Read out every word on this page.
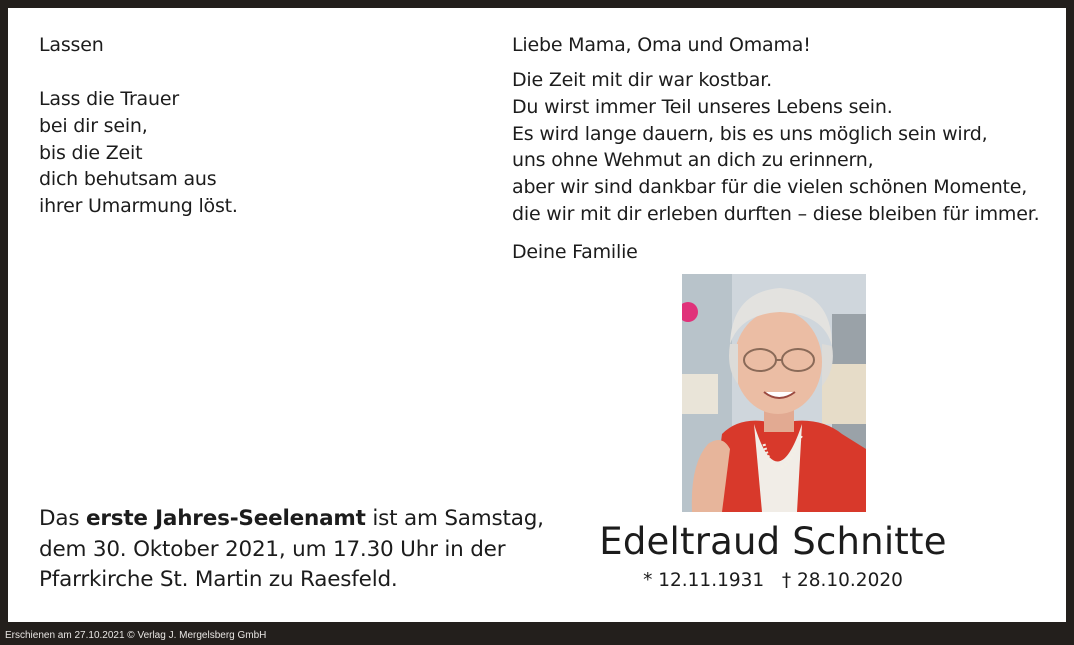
Lassen
Lass die Trauer
bei dir sein,
bis die Zeit
dich behutsam aus
ihrer Umarmung löst.
Liebe Mama, Oma und Omama!
Die Zeit mit dir war kostbar.
Du wirst immer Teil unseres Lebens sein.
Es wird lange dauern, bis es uns möglich sein wird,
uns ohne Wehmut an dich zu erinnern,
aber wir sind dankbar für die vielen schönen Momente,
die wir mit dir erleben durften – diese bleiben für immer.
Deine Familie
Das erste Jahres-Seelenamt ist am Samstag,
dem 30. Oktober 2021, um 17.30 Uhr in der
Pfarrkirche St. Martin zu Raesfeld.
Edeltraud Schnitte
* 12.11.1931 † 28.10.2020
Erschienen am 27.10.2021 © Verlag J. Mergelsberg GmbH
